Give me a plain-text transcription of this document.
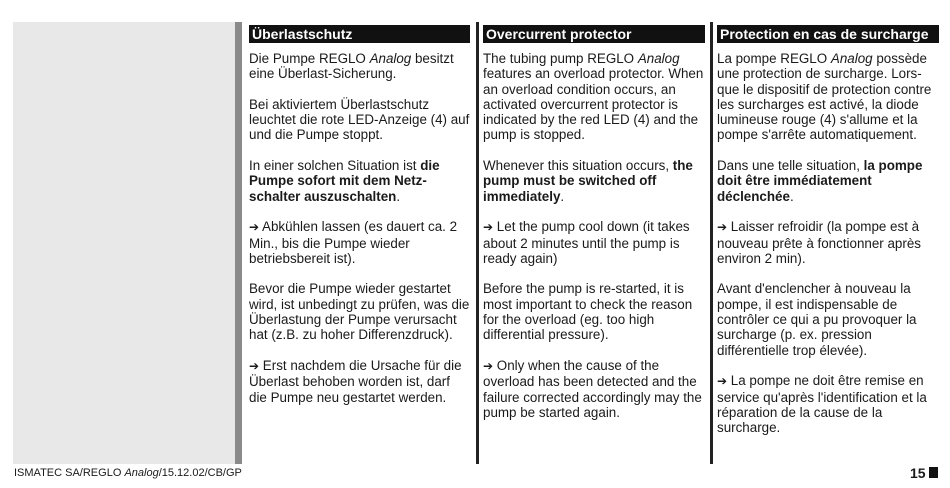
Überlastschutz

Die Pumpe REGLO Analog besitzt eine Überlast-Sicherung.

Bei aktiviertem Überlastschutz leuchtet die rote LED-Anzeige (4) auf und die Pumpe stoppt.

In einer solchen Situation ist die Pumpe sofort mit dem Netz-schalter auszuschalten.

➔ Abkühlen lassen (es dauert ca. 2 Min., bis die Pumpe wieder betriebsbereit ist).

Bevor die Pumpe wieder gestartet wird, ist unbedingt zu prüfen, was die Überlastung der Pumpe verursacht hat (z.B. zu hoher Differenzdruck).

➔ Erst nachdem die Ursache für die Überlast behoben worden ist, darf die Pumpe neu gestartet werden.

Overcurrent protector

The tubing pump REGLO Analog features an overload protector. When an overload condition occurs, an activated overcurrent protector is indicated by the red LED (4) and the pump is stopped.

Whenever this situation occurs, the pump must be switched off immediately.

➔ Let the pump cool down (it takes about 2 minutes until the pump is ready again)

Before the pump is re-started, it is most important to check the reason for the overload (eg. too high differential pressure).

➔ Only when the cause of the overload has been detected and the failure corrected accordingly may the pump be started again.

Protection en cas de surcharge

La pompe REGLO Analog possède une protection de surcharge. Lors-que le dispositif de protection contre les surcharges est activé, la diode lumineuse rouge (4) s'allume et la pompe s'arrête automatiquement.

Dans une telle situation, la pompe doit être immédiatement déclenchée.

➔ Laisser refroidir (la pompe est à nouveau prête à fonctionner après environ 2 min).

Avant d'enclencher à nouveau la pompe, il est indispensable de contrôler ce qui a pu provoquer la surcharge (p. ex. pression différentielle trop élevée).

➔ La pompe ne doit être remise en service qu'après l'identification et la réparation de la cause de la surcharge.

ISMATEC SA/REGLO Analog/15.12.02/CB/GP	15
